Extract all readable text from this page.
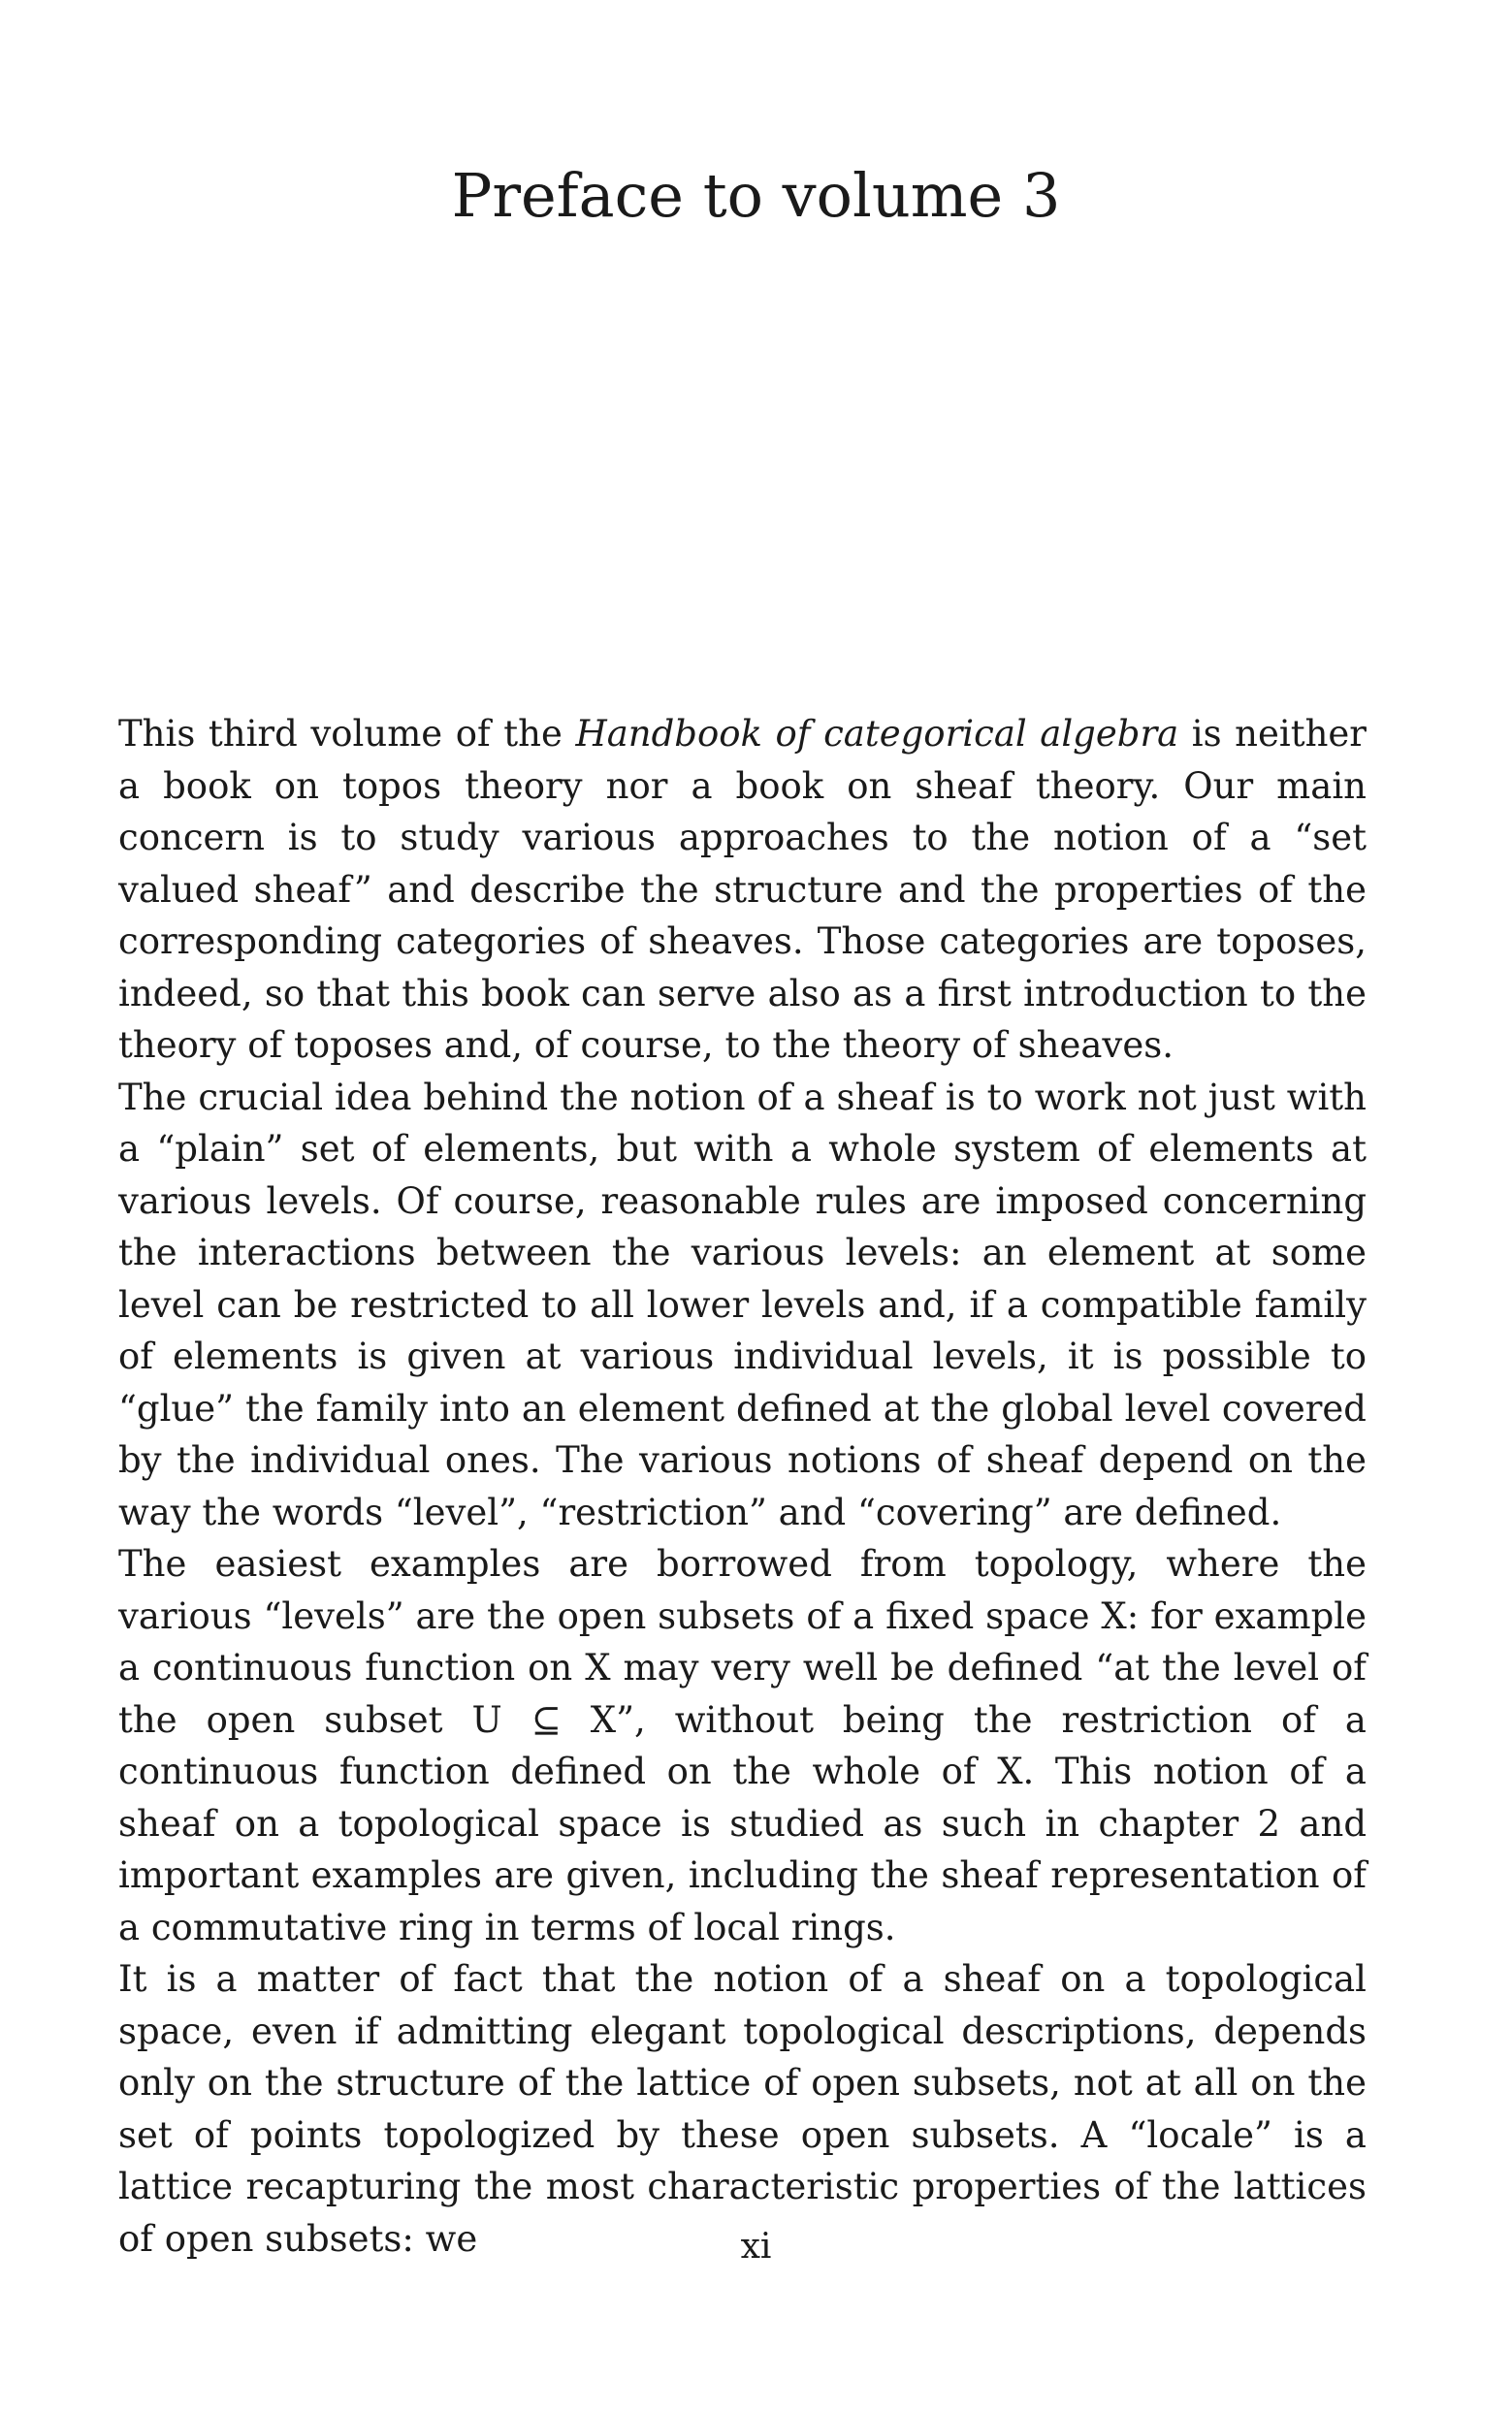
Preface to volume 3

This third volume of the Handbook of categorical algebra is neither a book on topos theory nor a book on sheaf theory. Our main concern is to study various approaches to the notion of a “set valued sheaf” and describe the structure and the properties of the corresponding categories of sheaves. Those categories are toposes, indeed, so that this book can serve also as a first introduction to the theory of toposes and, of course, to the theory of sheaves.

The crucial idea behind the notion of a sheaf is to work not just with a “plain” set of elements, but with a whole system of elements at various levels. Of course, reasonable rules are imposed concerning the interactions between the various levels: an element at some level can be restricted to all lower levels and, if a compatible family of elements is given at various individual levels, it is possible to “glue” the family into an element defined at the global level covered by the individual ones. The various notions of sheaf depend on the way the words “level”, “restriction” and “covering” are defined.

The easiest examples are borrowed from topology, where the various “levels” are the open subsets of a fixed space X: for example a continuous function on X may very well be defined “at the level of the open subset U ⊆ X”, without being the restriction of a continuous function defined on the whole of X. This notion of a sheaf on a topological space is studied as such in chapter 2 and important examples are given, including the sheaf representation of a commutative ring in terms of local rings.

It is a matter of fact that the notion of a sheaf on a topological space, even if admitting elegant topological descriptions, depends only on the structure of the lattice of open subsets, not at all on the set of points topologized by these open subsets. A “locale” is a lattice recapturing the most characteristic properties of the lattices of open subsets: we	xi
